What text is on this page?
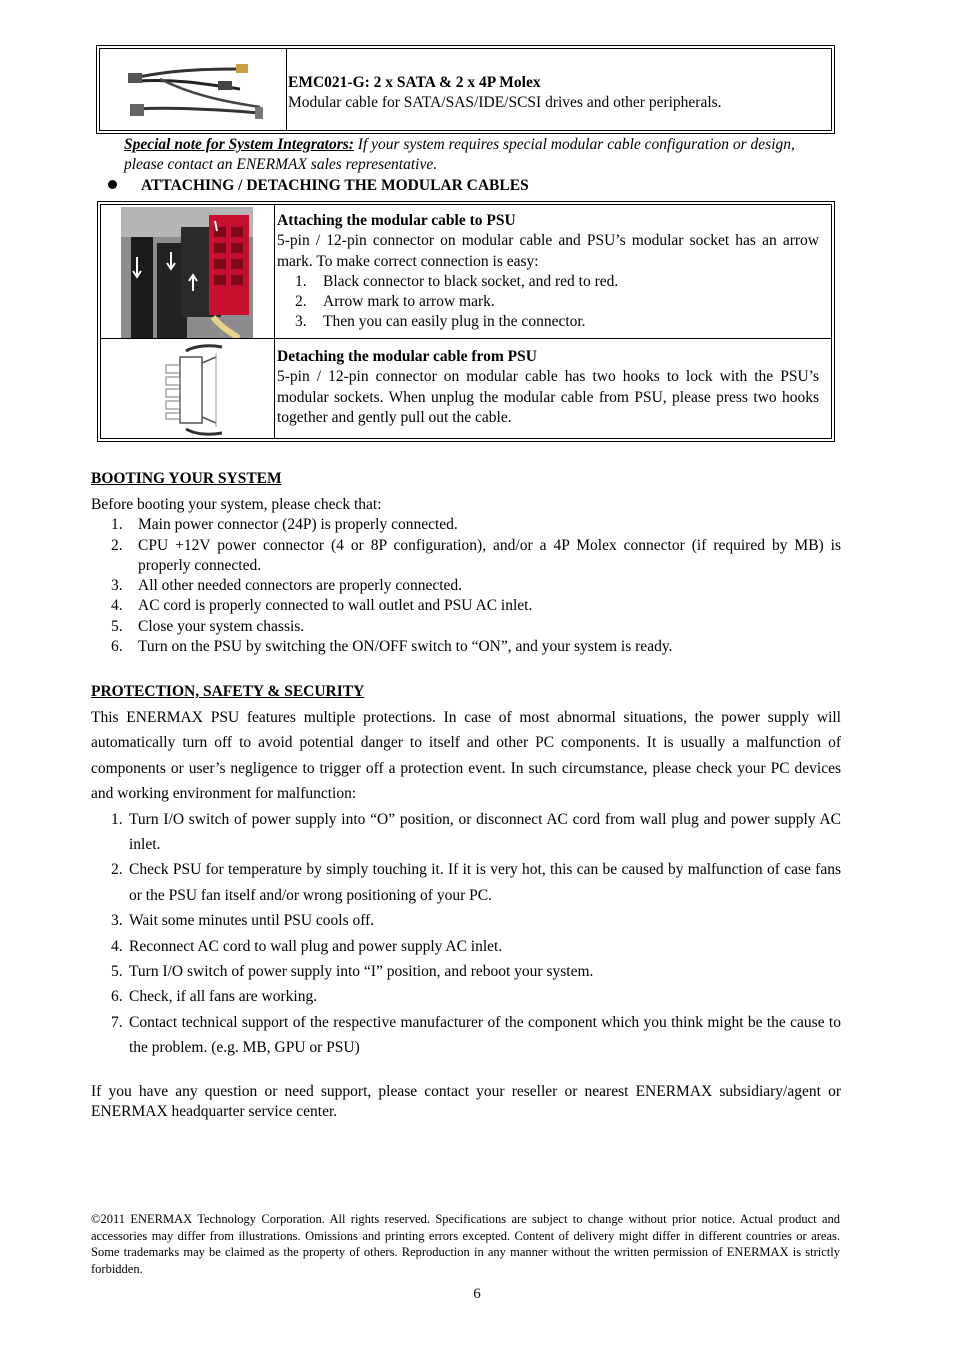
EMC021-G: 2 x SATA & 2 x 4P Molex
Modular cable for SATA/SAS/IDE/SCSI drives and other peripherals.
Special note for System Integrators: If your system requires special modular cable configuration or design, please contact an ENERMAX sales representative.
ATTACHING / DETACHING THE MODULAR CABLES
Attaching the modular cable to PSU
5-pin / 12-pin connector on modular cable and PSU’s modular socket has an arrow mark. To make correct connection is easy:
1. Black connector to black socket, and red to red.
2. Arrow mark to arrow mark.
3. Then you can easily plug in the connector.
Detaching the modular cable from PSU
5-pin / 12-pin connector on modular cable has two hooks to lock with the PSU’s modular sockets. When unplug the modular cable from PSU, please press two hooks together and gently pull out the cable.
BOOTING YOUR SYSTEM
Before booting your system, please check that:
1. Main power connector (24P) is properly connected.
2. CPU +12V power connector (4 or 8P configuration), and/or a 4P Molex connector (if required by MB) is properly connected.
3. All other needed connectors are properly connected.
4. AC cord is properly connected to wall outlet and PSU AC inlet.
5. Close your system chassis.
6. Turn on the PSU by switching the ON/OFF switch to “ON”, and your system is ready.
PROTECTION, SAFETY & SECURITY
This ENERMAX PSU features multiple protections. In case of most abnormal situations, the power supply will automatically turn off to avoid potential danger to itself and other PC components. It is usually a malfunction of components or user’s negligence to trigger off a protection event. In such circumstance, please check your PC devices and working environment for malfunction:
1. Turn I/O switch of power supply into “O” position, or disconnect AC cord from wall plug and power supply AC inlet.
2. Check PSU for temperature by simply touching it. If it is very hot, this can be caused by malfunction of case fans or the PSU fan itself and/or wrong positioning of your PC.
3. Wait some minutes until PSU cools off.
4. Reconnect AC cord to wall plug and power supply AC inlet.
5. Turn I/O switch of power supply into “I” position, and reboot your system.
6. Check, if all fans are working.
7. Contact technical support of the respective manufacturer of the component which you think might be the cause to the problem. (e.g. MB, GPU or PSU)
If you have any question or need support, please contact your reseller or nearest ENERMAX subsidiary/agent or ENERMAX headquarter service center.
©2011 ENERMAX Technology Corporation. All rights reserved. Specifications are subject to change without prior notice. Actual product and accessories may differ from illustrations. Omissions and printing errors excepted. Content of delivery might differ in different countries or areas. Some trademarks may be claimed as the property of others. Reproduction in any manner without the written permission of ENERMAX is strictly forbidden.
6
